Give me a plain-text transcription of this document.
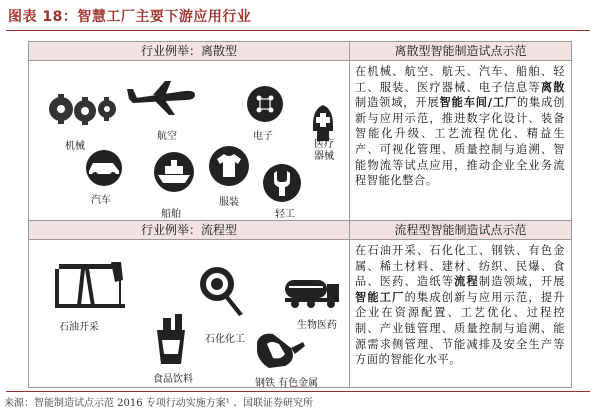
图表 18：智慧工厂主要下游应用行业
行业例举：离散型	离散型智能制造试点示范
机械
航空	电子
医疗器械
汽车
船舶
服装
轻工
在机械、航空、航天、汽车、船舶、轻工、服装、医疗器械、电子信息等离散制造领域，开展智能车间/工厂的集成创新与应用示范，推进数字化设计、装备智能化升级、工艺流程优化、精益生产、可视化管理、质量控制与追溯、智能物流等试点应用，推动企业全业务流程智能化整合。
行业例举：流程型	流程型智能制造试点示范
石油开采
石化化工
生物医药
食品饮料	钢铁 有色金属
在石油开采、石化化工、钢铁、有色金属、稀土材料、建材、纺织、民爆、食品、医药、造纸等流程制造领域，开展智能工厂的集成创新与应用示范，提升企业在资源配置、工艺优化、过程控制、产业链管理、质量控制与追溯、能源需求侧管理、节能减排及安全生产等方面的智能化水平。
来源：智能制造试点示范 2016 专项行动实施方案¹ 、国联证券研究所
